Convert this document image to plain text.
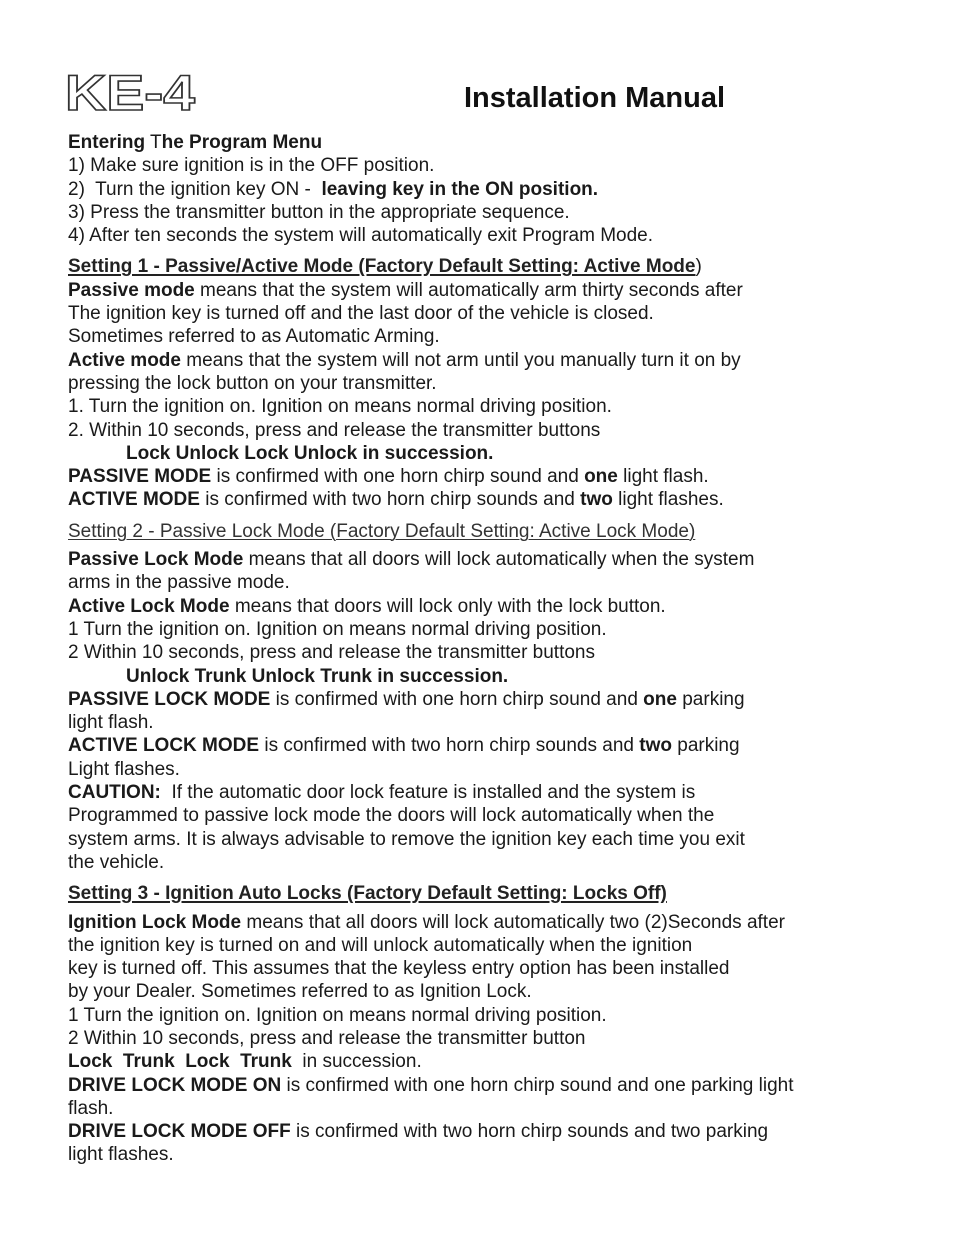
KE-4	Installation Manual
Entering The Program Menu
1) Make sure ignition is in the OFF position.
2)  Turn the ignition key ON -  leaving key in the ON position.
3) Press the transmitter button in the appropriate sequence.
4) After ten seconds the system will automatically exit Program Mode.
Setting 1 - Passive/Active Mode (Factory Default Setting: Active Mode)
Passive mode means that the system will automatically arm thirty seconds after
The ignition key is turned off and the last door of the vehicle is closed.
Sometimes referred to as Automatic Arming.
Active mode means that the system will not arm until you manually turn it on by
pressing the lock button on your transmitter.
1. Turn the ignition on. Ignition on means normal driving position.
2. Within 10 seconds, press and release the transmitter buttons
Lock Unlock Lock Unlock in succession.
PASSIVE MODE is confirmed with one horn chirp sound and one light flash.
ACTIVE MODE is confirmed with two horn chirp sounds and two light flashes.
Setting 2 - Passive Lock Mode (Factory Default Setting: Active Lock Mode)
Passive Lock Mode means that all doors will lock automatically when the system
arms in the passive mode.
Active Lock Mode means that doors will lock only with the lock button.
1 Turn the ignition on. Ignition on means normal driving position.
2 Within 10 seconds, press and release the transmitter buttons
Unlock Trunk Unlock Trunk in succession.
PASSIVE LOCK MODE is confirmed with one horn chirp sound and one parking
light flash.
ACTIVE LOCK MODE is confirmed with two horn chirp sounds and two parking
Light flashes.
CAUTION:  If the automatic door lock feature is installed and the system is
Programmed to passive lock mode the doors will lock automatically when the
system arms. It is always advisable to remove the ignition key each time you exit
the vehicle.
Setting 3 - Ignition Auto Locks (Factory Default Setting: Locks Off)
Ignition Lock Mode means that all doors will lock automatically two (2)Seconds after
the ignition key is turned on and will unlock automatically when the ignition
key is turned off. This assumes that the keyless entry option has been installed
by your Dealer. Sometimes referred to as Ignition Lock.
1 Turn the ignition on. Ignition on means normal driving position.
2 Within 10 seconds, press and release the transmitter button
Lock  Trunk  Lock  Trunk  in succession.
DRIVE LOCK MODE ON is confirmed with one horn chirp sound and one parking light
flash.
DRIVE LOCK MODE OFF is confirmed with two horn chirp sounds and two parking
light flashes.
